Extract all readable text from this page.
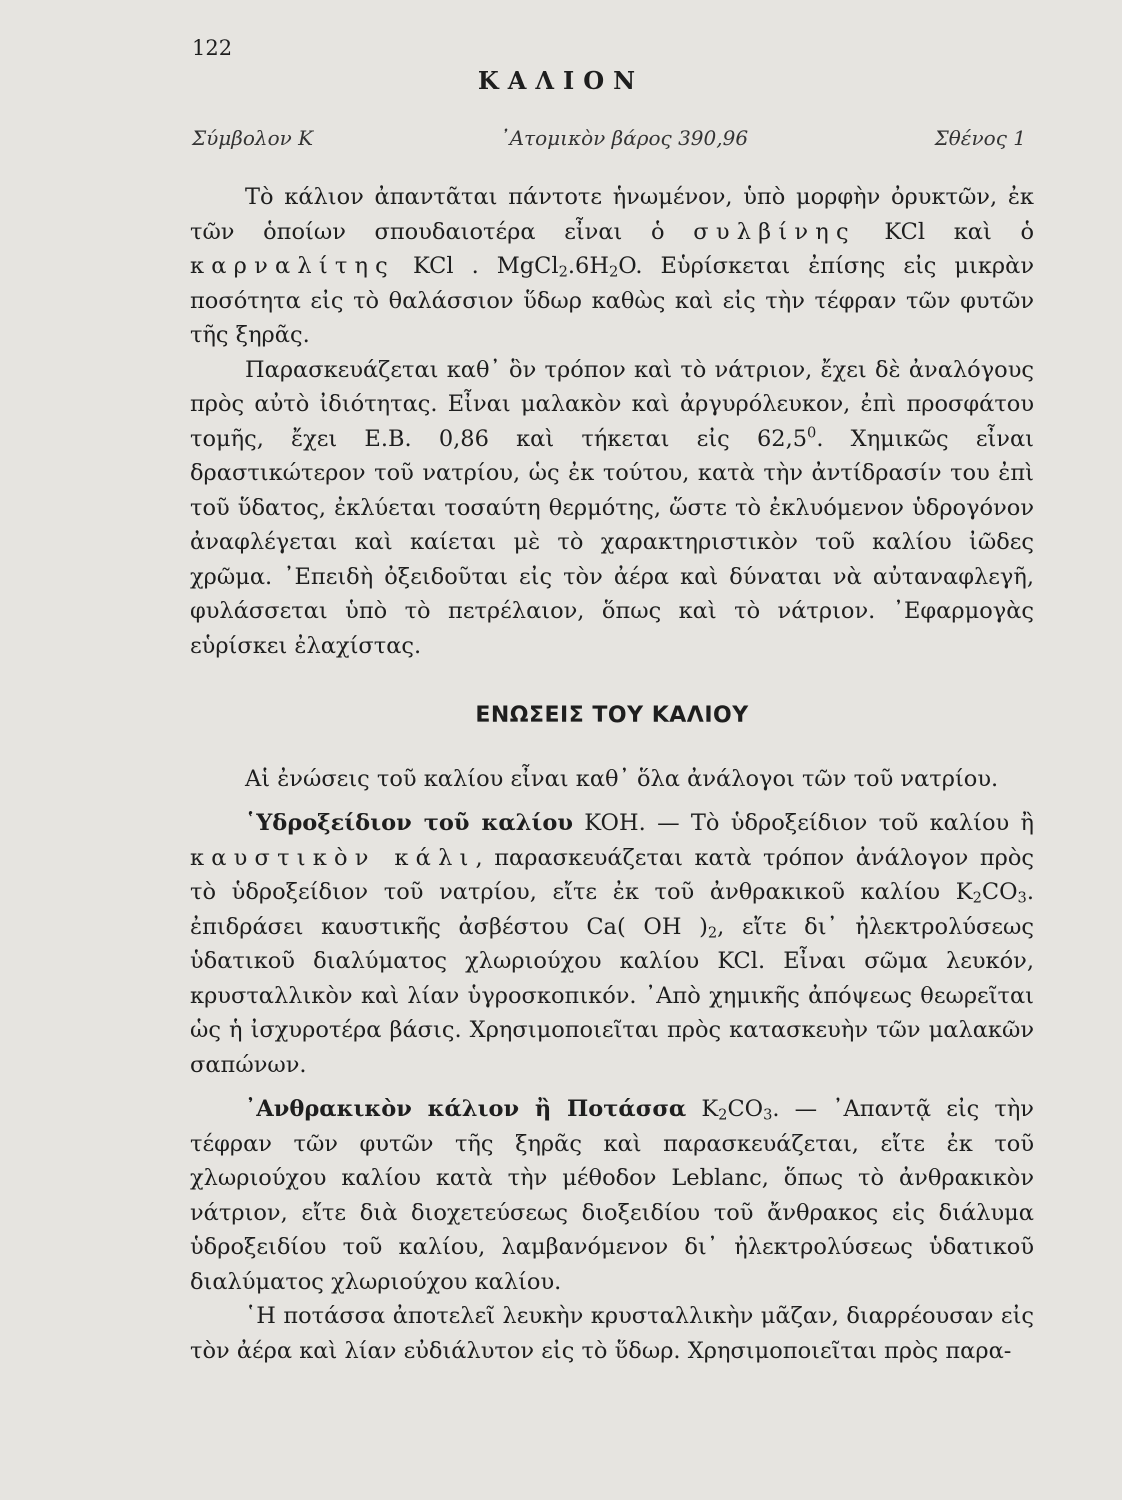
122
ΚΑΛΙΟΝ
Σύμβολον Κ	᾿Ατομικὸν βάρος 390,96	Σθένος 1

Τὸ κάλιον ἀπαντᾶται πάντοτε ἡνωμένον, ὑπὸ μορφὴν ὀρυκτῶν, ἐκ τῶν ὁποίων σπουδαιοτέρα εἶναι ὁ συλβίνης KCl καὶ ὁ καρναλίτης KCl . $MgCl_2.6H_2O$. Εὑρίσκεται ἐπίσης εἰς μικρὰν ποσότητα εἰς τὸ θαλάσσιον ὕδωρ καθὼς καὶ εἰς τὴν τέφραν τῶν φυτῶν τῆς ξηρᾶς.

Παρασκευάζεται καθ᾿ ὃν τρόπον καὶ τὸ νάτριον, ἔχει δὲ ἀναλόγους πρὸς αὐτὸ ἰδιότητας. Εἶναι μαλακὸν καὶ ἀργυρόλευκον, ἐπὶ προσφάτου τομῆς, ἔχει Ε.Β. 0,86 καὶ τήκεται εἰς 62,5$^0$. Χημικῶς εἶναι δραστικώτερον τοῦ νατρίου, ὡς ἐκ τούτου, κατὰ τὴν ἀντίδρασίν του ἐπὶ τοῦ ὕδατος, ἐκλύεται τοσαύτη θερμότης, ὥστε τὸ ἐκλυόμενον ὑδρογόνον ἀναφλέγεται καὶ καίεται μὲ τὸ χαρακτηριστικὸν τοῦ καλίου ἰῶδες χρῶμα. ᾿Επειδὴ ὀξειδοῦται εἰς τὸν ἀέρα καὶ δύναται νὰ αὐταναφλεγῆ, φυλάσσεται ὑπὸ τὸ πετρέλαιον, ὅπως καὶ τὸ νάτριον. ᾿Εφαρμογὰς εὑρίσκει ἐλαχίστας.

ΕΝΩΣΕΙΣ ΤΟΥ ΚΑΛΙΟΥ

Αἱ ἐνώσεις τοῦ καλίου εἶναι καθ᾿ ὅλα ἀνάλογοι τῶν τοῦ νατρίου.

῾Υδροξείδιον τοῦ καλίου KOH. — Τὸ ὑδροξείδιον τοῦ καλίου ἢ καυστικὸν κάλι, παρασκευάζεται κατὰ τρόπον ἀνάλογον πρὸς τὸ ὑδροξείδιον τοῦ νατρίου, εἴτε ἐκ τοῦ ἀνθρακικοῦ καλίου $K_2CO_3$. ἐπιδράσει καυστικῆς ἀσβέστου Ca( OH )$_2$, εἴτε δι᾿ ἠλεκτρολύσεως ὑδατικοῦ διαλύματος χλωριούχου καλίου KCl. Εἶναι σῶμα λευκόν, κρυσταλλικὸν καὶ λίαν ὑγροσκοπικόν. ᾿Απὸ χημικῆς ἀπόψεως θεωρεῖται ὡς ἡ ἰσχυροτέρα βάσις. Χρησιμοποιεῖται πρὸς κατασκευὴν τῶν μαλακῶν σαπώνων.

᾿Ανθρακικὸν κάλιον ἢ Ποτάσσα $K_2CO_3$. — ᾿Απαντᾷ εἰς τὴν τέφραν τῶν φυτῶν τῆς ξηρᾶς καὶ παρασκευάζεται, εἴτε ἐκ τοῦ χλωριούχου καλίου κατὰ τὴν μέθοδον Leblanc, ὅπως τὸ ἀνθρακικὸν νάτριον, εἴτε διὰ διοχετεύσεως διοξειδίου τοῦ ἄνθρακος εἰς διάλυμα ὑδροξειδίου τοῦ καλίου, λαμβανόμενον δι᾿ ἠλεκτρολύσεως ὑδατικοῦ διαλύματος χλωριούχου καλίου.

῾Η ποτάσσα ἀποτελεῖ λευκὴν κρυσταλλικὴν μᾶζαν, διαρρέουσαν εἰς τὸν ἀέρα καὶ λίαν εὐδιάλυτον εἰς τὸ ὕδωρ. Χρησιμοποιεῖται πρὸς παρα-
